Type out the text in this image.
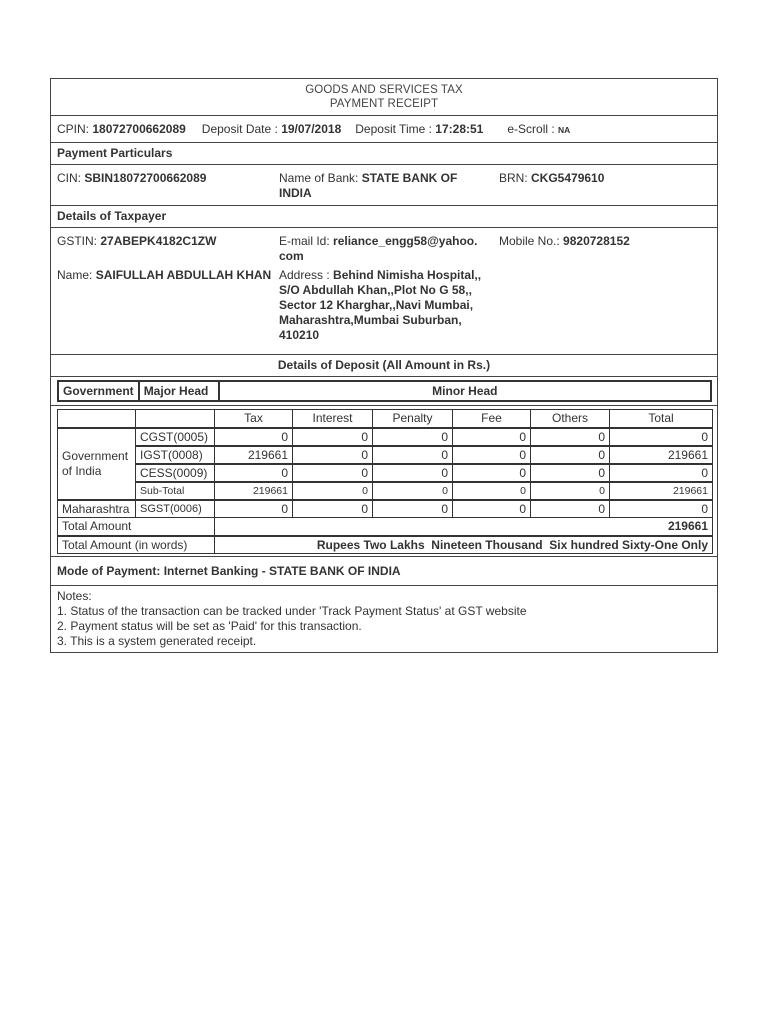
GOODS AND SERVICES TAX
PAYMENT RECEIPT
CPIN: 18072700662089 Deposit Date : 19/07/2018 Deposit Time : 17:28:51 e-Scroll : NA
Payment Particulars
CIN: SBIN18072700662089	Name of Bank: STATE BANK OF INDIA
BRN: CKG5479610
Details of Taxpayer
GSTIN: 27ABEPK4182C1ZW	E-mail Id: reliance_engg58@yahoo.com
Mobile No.: 9820728152
Name: SAIFULLAH ABDULLAH KHAN Address : Behind Nimisha Hospital,, S/O Abdullah Khan,,Plot No G 58,, Sector 12 Kharghar,,Navi Mumbai, Maharashtra,Mumbai Suburban, 410210
Details of Deposit (All Amount in Rs.)
Government	Major Head	Minor Head
		Tax	Interest	Penalty	Fee	Others	Total
Government of India	CGST(0005)	0	0	0	0	0	0
	IGST(0008)	219661	0	0	0	0	219661
	CESS(0009)	0	0	0	0	0	0
	Sub-Total	219661	0	0	0	0	219661
Maharashtra	SGST(0006)	0	0	0	0	0	0
Total Amount		219661					
Total Amount (in words)		Rupees Two Lakhs  Nineteen Thousand  Six hundred Sixty-One Only					
Mode of Payment: Internet Banking - STATE BANK OF INDIA
Notes:
1. Status of the transaction can be tracked under 'Track Payment Status' at GST website
2. Payment status will be set as 'Paid' for this transaction.
3. This is a system generated receipt.
